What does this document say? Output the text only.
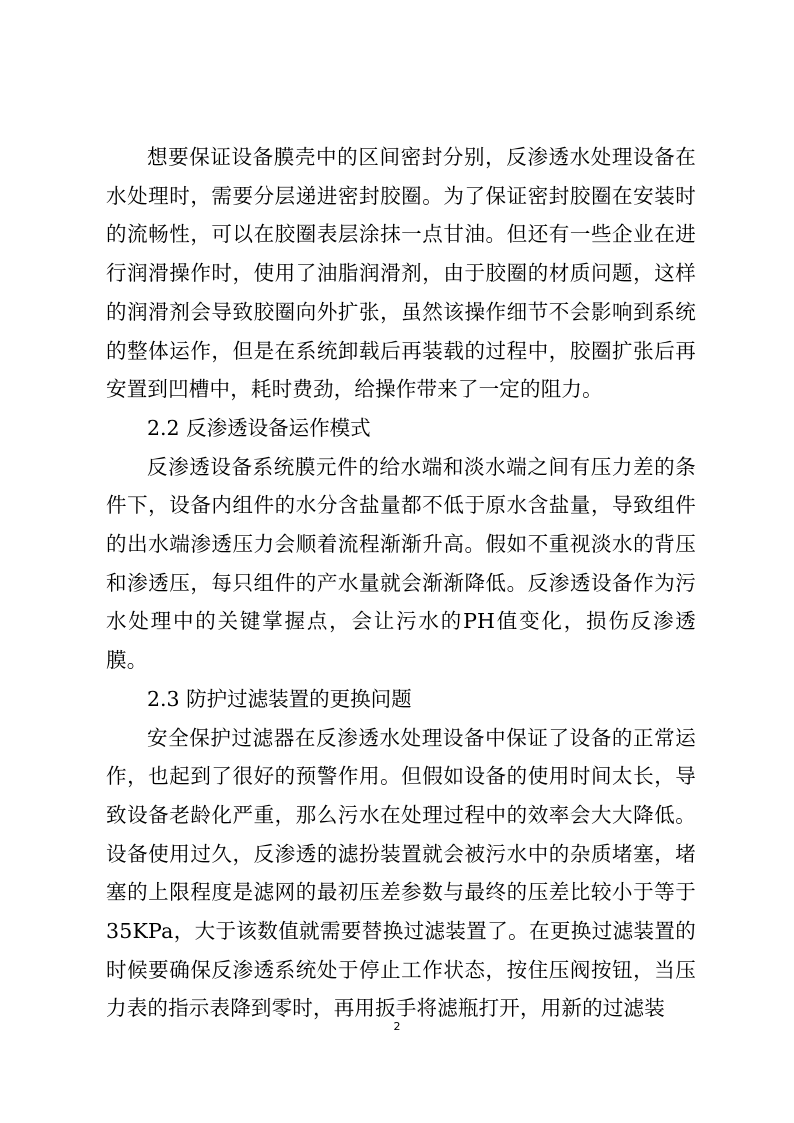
想要保证设备膜壳中的区间密封分别，反渗透水处理设备在水处理时，需要分层递进密封胶圈。为了保证密封胶圈在安装时的流畅性，可以在胶圈表层涂抹一点甘油。但还有一些企业在进行润滑操作时，使用了油脂润滑剂，由于胶圈的材质问题，这样的润滑剂会导致胶圈向外扩张，虽然该操作细节不会影响到系统的整体运作，但是在系统卸载后再装载的过程中，胶圈扩张后再安置到凹槽中，耗时费劲，给操作带来了一定的阻力。

2.2 反渗透设备运作模式

反渗透设备系统膜元件的给水端和淡水端之间有压力差的条件下，设备内组件的水分含盐量都不低于原水含盐量，导致组件的出水端渗透压力会顺着流程渐渐升高。假如不重视淡水的背压和渗透压，每只组件的产水量就会渐渐降低。反渗透设备作为污水处理中的关键掌握点，会让污水的PH值变化，损伤反渗透膜。

2.3 防护过滤装置的更换问题

安全保护过滤器在反渗透水处理设备中保证了设备的正常运作，也起到了很好的预警作用。但假如设备的使用时间太长，导致设备老龄化严重，那么污水在处理过程中的效率会大大降低。设备使用过久，反渗透的滤扮装置就会被污水中的杂质堵塞，堵塞的上限程度是滤网的最初压差参数与最终的压差比较小于等于35KPa，大于该数值就需要替换过滤装置了。在更换过滤装置的时候要确保反渗透系统处于停止工作状态，按住压阀按钮，当压力表的指示表降到零时，再用扳手将滤瓶打开，用新的过滤装

2
